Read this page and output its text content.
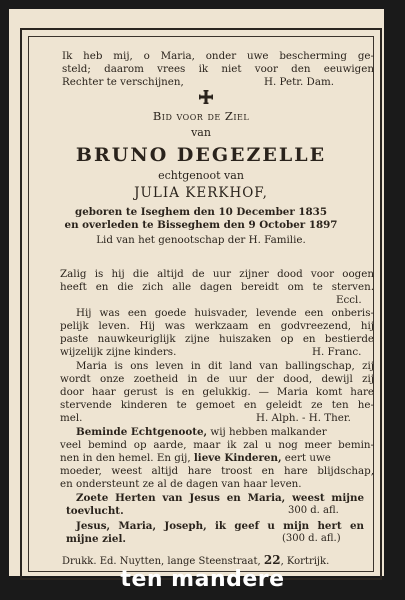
Ik heb mij, o Maria, onder uwe bescherming ge-
steld; daarom vrees ik niet voor den eeuwigen
Rechter te verschijnen,	H. Petr. Dam.
Bid voor de Ziel
van
BRUNO DEGEZELLE
echtgenoot van
JULIA KERKHOF,
geboren te Iseghem den 10 December 1835
en overleden te Bisseghem den 9 October 1897
Lid van het genootschap der H. Familie.
Zalig is hij die altijd de uur zijner dood voor oogen
heeft en die zich alle dagen bereidt om te sterven.
Eccl.
Hij was een goede huisvader, levende een onberis-
pelijk leven. Hij was werkzaam en godvreezend, hij
paste nauwkeuriglijk zijne huiszaken op en bestierde
wijzelijk zijne kinders.	H. Franc.
Maria is ons leven in dit land van ballingschap, zij
wordt onze zoetheid in de uur der dood, dewijl zij
door haar gerust is en gelukkig. — Maria komt hare
stervende kinderen te gemoet en geleidt ze ten he-
mel.	H. Alph. - H. Ther.
Beminde Echtgenoote, wij hebben malkander
veel bemind op aarde, maar ik zal u nog meer bemin-
nen in den hemel. En gij, lieve Kinderen, eert uwe
moeder, weest altijd hare troost en hare blijdschap,
en ondersteunt ze al de dagen van haar leven.
Zoete Herten van Jesus en Maria, weest mijne
toevlucht.	300 d. afl.
Jesus, Maria, Joseph, ik geef u mijn hert en
mijne ziel.	(300 d. afl.)
Drukk. Ed. Nuytten, lange Steenstraat, 22, Kortrijk.
ten mandere
